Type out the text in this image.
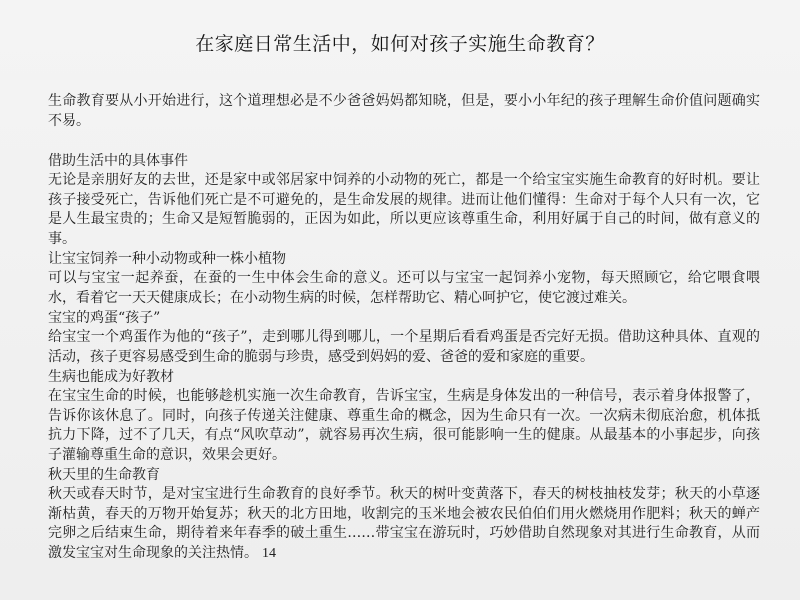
在家庭日常生活中，如何对孩子实施生命教育？

生命教育要从小开始进行，这个道理想必是不少爸爸妈妈都知晓，但是，要小小年纪的孩子理解生命价值问题确实不易。

借助生活中的具体事件

无论是亲朋好友的去世，还是家中或邻居家中饲养的小动物的死亡，都是一个给宝宝实施生命教育的好时机。要让孩子接受死亡，告诉他们死亡是不可避免的，是生命发展的规律。进而让他们懂得：生命对于每个人只有一次，它是人生最宝贵的；生命又是短暂脆弱的，正因为如此，所以更应该尊重生命，利用好属于自己的时间，做有意义的事。

让宝宝饲养一种小动物或种一株小植物

可以与宝宝一起养蚕，在蚕的一生中体会生命的意义。还可以与宝宝一起饲养小宠物，每天照顾它，给它喂食喂水，看着它一天天健康成长；在小动物生病的时候，怎样帮助它、精心呵护它，使它渡过难关。

宝宝的鸡蛋“孩子”

给宝宝一个鸡蛋作为他的“孩子”，走到哪儿得到哪儿，一个星期后看看鸡蛋是否完好无损。借助这种具体、直观的活动，孩子更容易感受到生命的脆弱与珍贵，感受到妈妈的爱、爸爸的爱和家庭的重要。

生病也能成为好教材

在宝宝生命的时候，也能够趁机实施一次生命教育，告诉宝宝，生病是身体发出的一种信号，表示着身体报警了，告诉你该休息了。同时，向孩子传递关注健康、尊重生命的概念，因为生命只有一次。一次病未彻底治愈，机体抵抗力下降，过不了几天，有点“风吹草动”，就容易再次生病，很可能影响一生的健康。从最基本的小事起步，向孩子灌输尊重生命的意识，效果会更好。

秋天里的生命教育

秋天或春天时节，是对宝宝进行生命教育的良好季节。秋天的树叶变黄落下，春天的树枝抽枝发芽；秋天的小草逐渐枯黄，春天的万物开始复苏；秋天的北方田地，收割完的玉米地会被农民伯伯们用火燃烧用作肥料；秋天的蝉产完卵之后结束生命，期待着来年春季的破土重生……带宝宝在游玩时，巧妙借助自然现象对其进行生命教育，从而激发宝宝对生命现象的关注热情。 14
